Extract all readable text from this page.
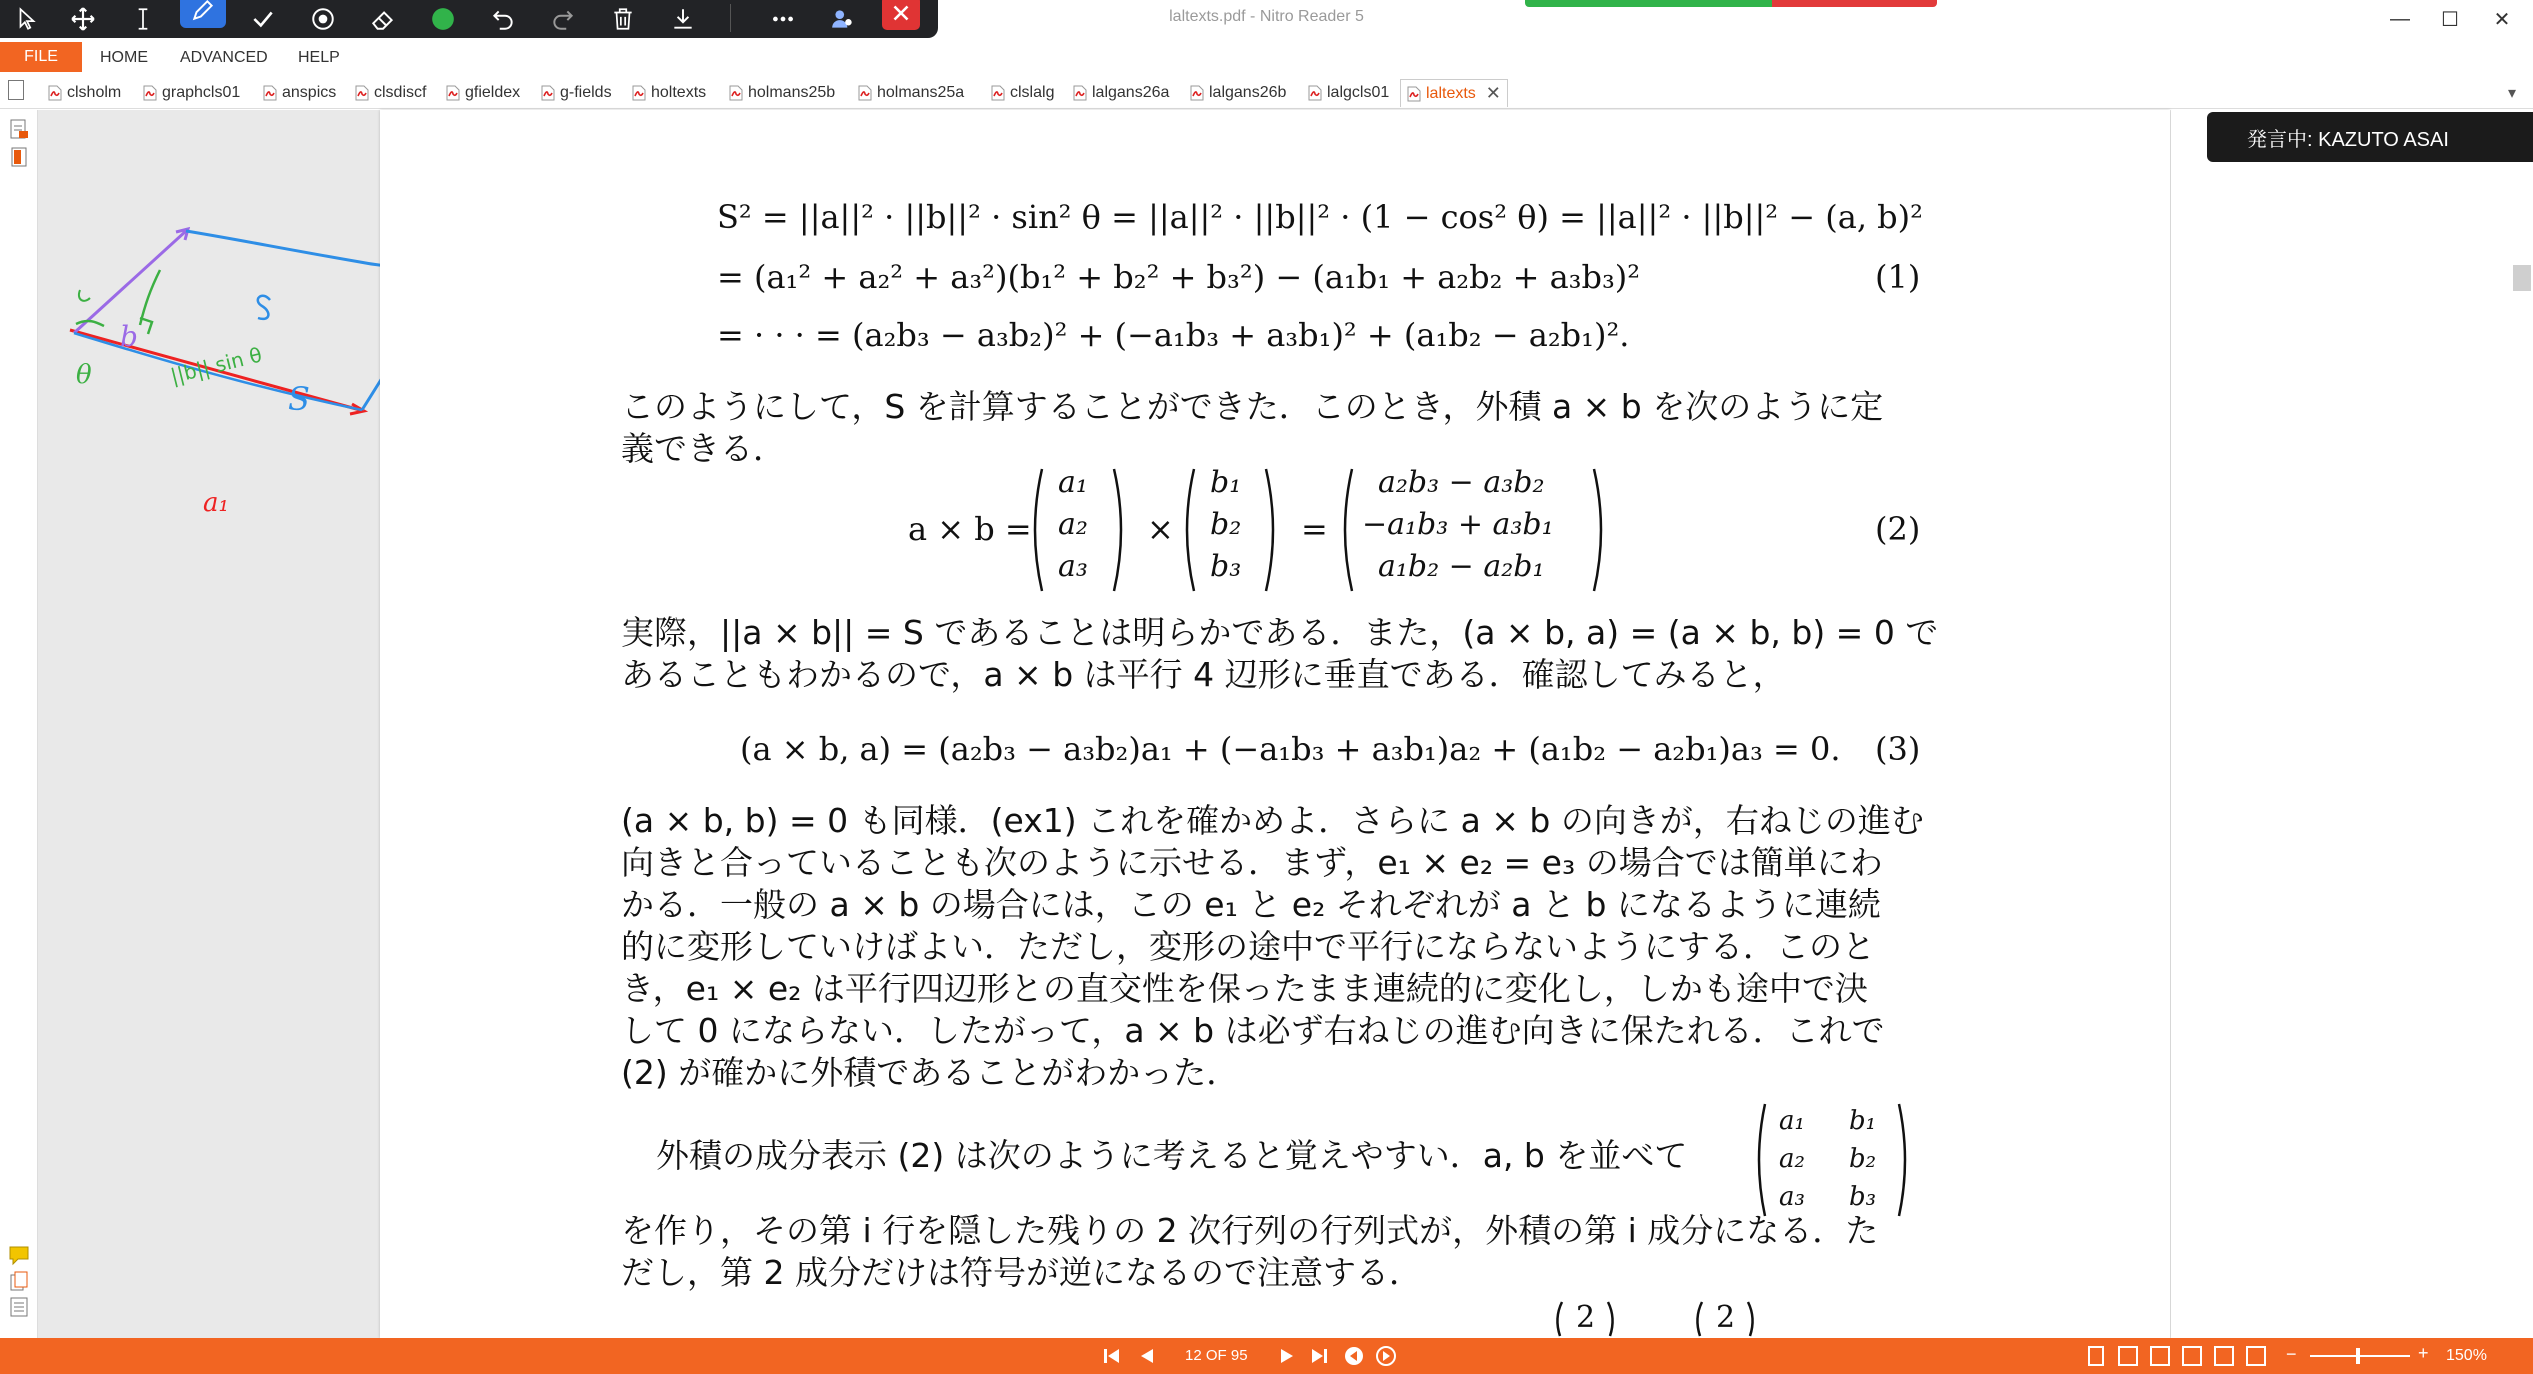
laltexts.pdf - Nitro Reader 5	—	☐	✕
FILE	HOME ADVANCED HELP
clsholm	graphcls01	anspics clsdiscf gfieldex g-fields holtexts	holmans25b	holmans25a	clslalg lalgans26a lalgans26b	lalgcls01 laltexts ✕	▾
b
a₁
θ	||b|| sin θ
S
S² = ||a||² · ||b||² · sin² θ = ||a||² · ||b||² · (1 − cos² θ) = ||a||² · ||b||² − (a, b)²
= (a₁² + a₂² + a₃²)(b₁² + b₂² + b₃²) − (a₁b₁ + a₂b₂ + a₃b₃)²	(1)
= · · · = (a₂b₃ − a₃b₂)² + (−a₁b₃ + a₃b₁)² + (a₁b₂ − a₂b₁)².
このようにして，S を計算することができた．このとき，外積 a × b を次のように定
義できる．
a × b =
a₁
a₂
a₃
×
b₁
b₂
b₃
=
a₂b₃ − a₃b₂
−a₁b₃ + a₃b₁
a₁b₂ − a₂b₁
(2)
実際，||a × b|| = S であることは明らかである．また，(a × b, a) = (a × b, b) = 0 で
あることもわかるので，a × b は平行 4 辺形に垂直である．確認してみると，
(a × b, a) = (a₂b₃ − a₃b₂)a₁ + (−a₁b₃ + a₃b₁)a₂ + (a₁b₂ − a₂b₁)a₃ = 0. (3)
(a × b, b) = 0 も同様．(ex1) これを確かめよ．さらに a × b の向きが，右ねじの進む
向きと合っていることも次のように示せる．まず，e₁ × e₂ = e₃ の場合では簡単にわ
かる．一般の a × b の場合には，この e₁ と e₂ それぞれが a と b になるように連続
的に変形していけばよい．ただし，変形の途中で平行にならないようにする．このと
き，e₁ × e₂ は平行四辺形との直交性を保ったまま連続的に変化し，しかも途中で決
して 0 にならない．したがって，a × b は必ず右ねじの進む向きに保たれる．これで
(2) が確かに外積であることがわかった．
外積の成分表示 (2) は次のように考えると覚えやすい．a, b を並べて
a₁ b₁
a₂ b₂
a₃ b₃
を作り，その第 i 行を隠した残りの 2 次行列の行列式が，外積の第 i 成分になる．た
だし，第 2 成分だけは符号が逆になるので注意する．
2	2
発言中: KAZUTO ASAI
12 OF 95	−	+ 150%
